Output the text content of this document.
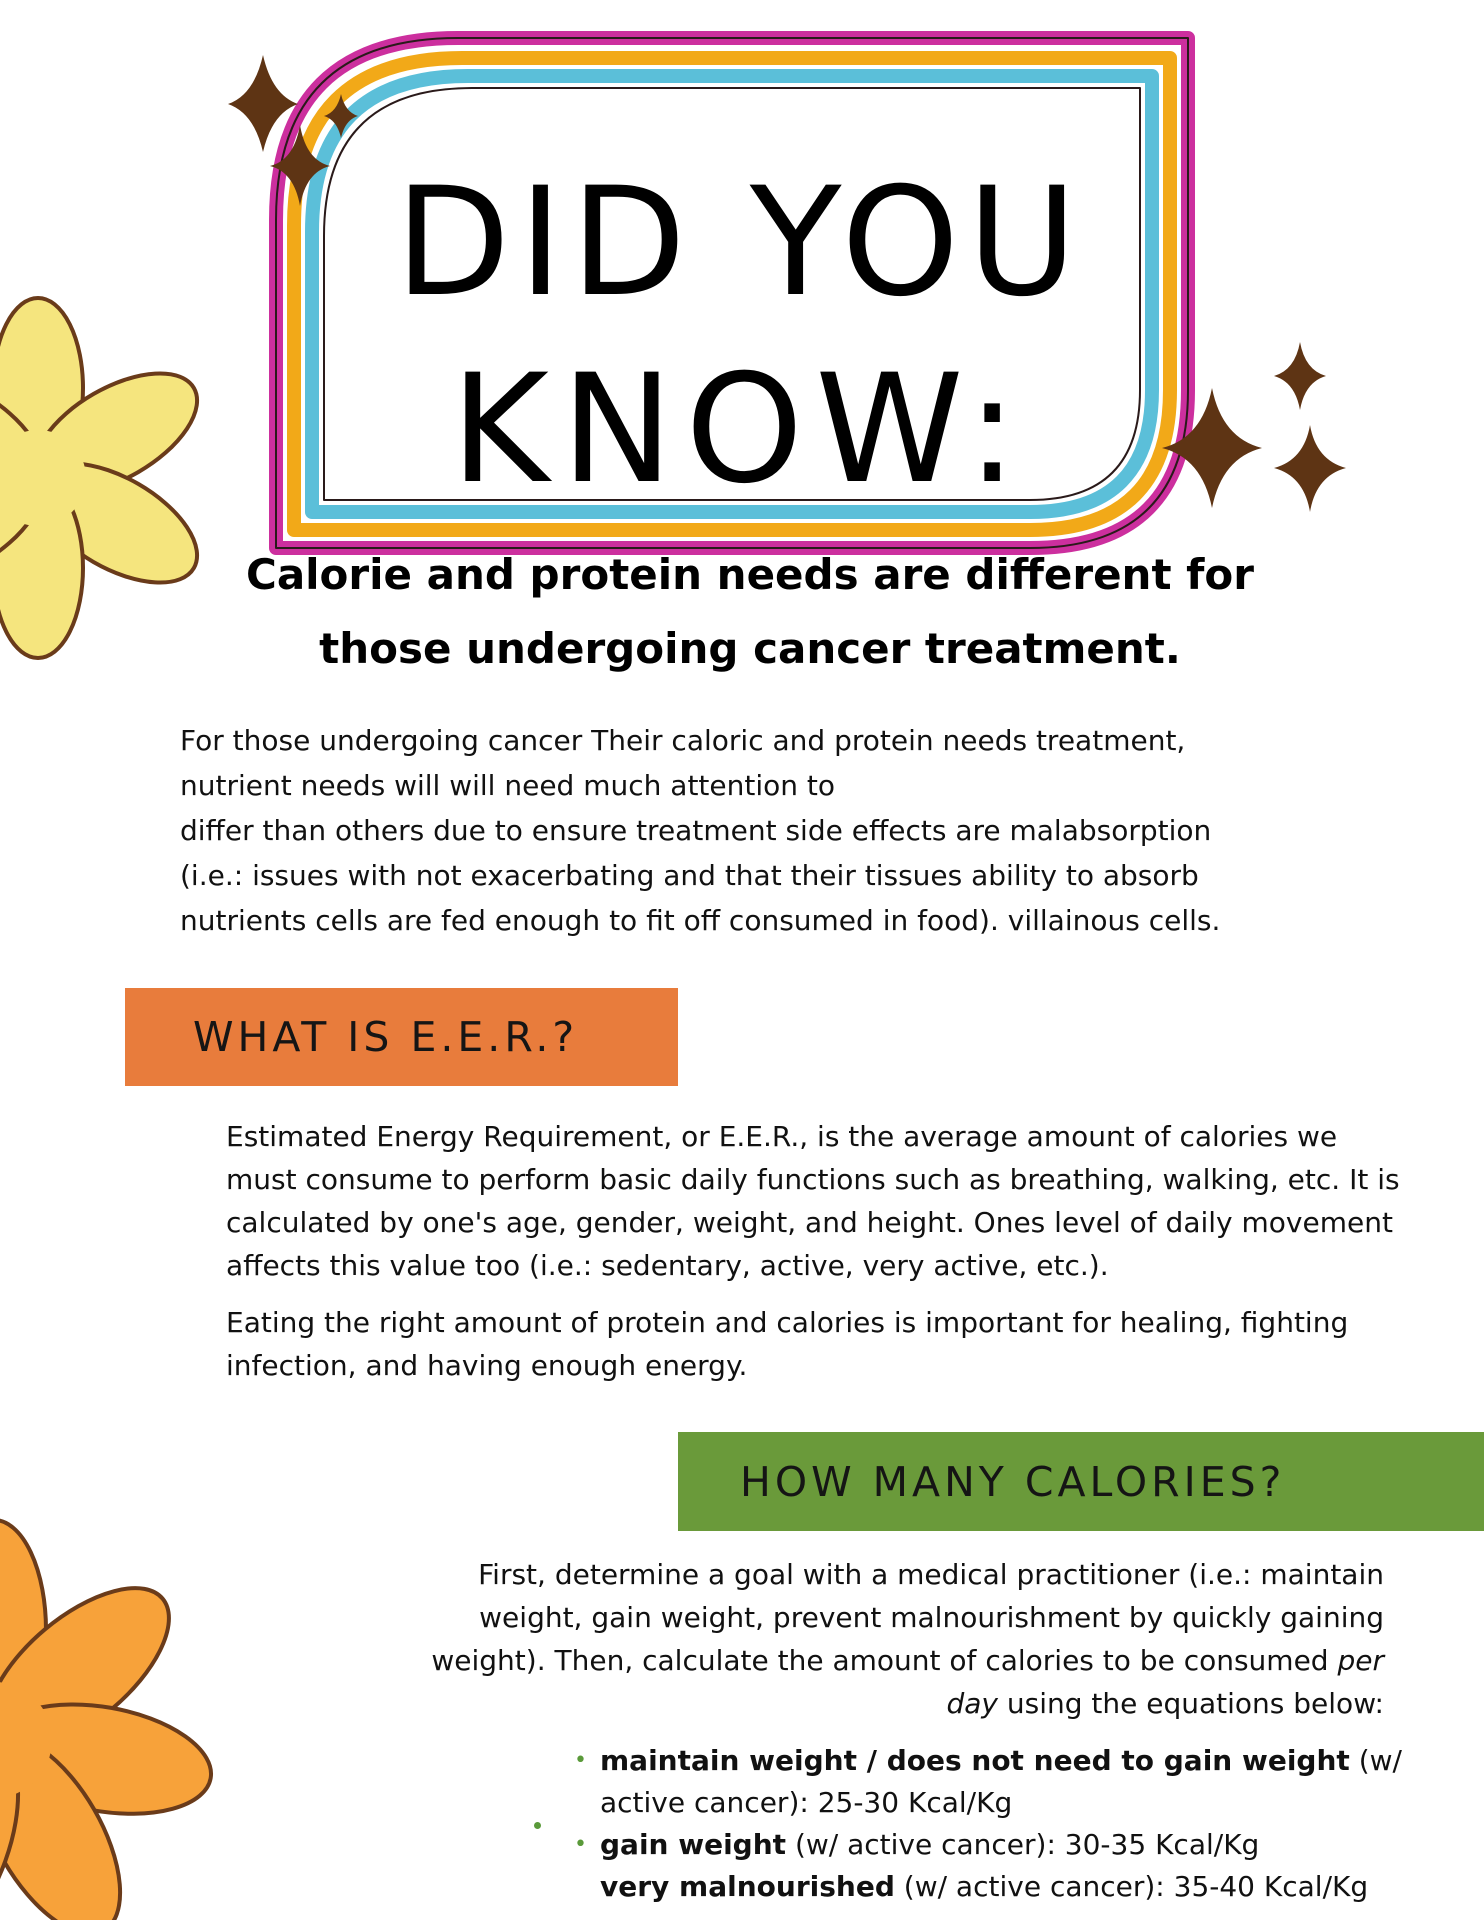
DID YOU
KNOW:
Calorie and protein needs are different for
those undergoing cancer treatment.
For those undergoing cancer Their caloric and protein needs treatment,
nutrient needs will will need much attention to
differ than others due to ensure treatment side effects are malabsorption
(i.e.: issues with not exacerbating and that their tissues ability to absorb
nutrients cells are fed enough to fit off consumed in food). villainous cells.
WHAT IS E.E.R.?

Estimated Energy Requirement, or E.E.R., is the average amount of calories we must consume to perform basic daily functions such as breathing, walking, etc. It is calculated by one's age, gender, weight, and height. Ones level of daily movement affects this value too (i.e.: sedentary, active, very active, etc.).

Eating the right amount of protein and calories is important for healing, fighting infection, and having enough energy.

HOW MANY CALORIES?
First, determine a goal with a medical practitioner (i.e.: maintain weight, gain weight, prevent malnourishment by quickly gaining weight). Then, calculate the amount of calories to be consumed per day using the equations below:
• maintain weight / does not need to gain weight (w/ active cancer): 25-30 Kcal/Kg
• gain weight (w/ active cancer): 30-35 Kcal/Kg
very malnourished (w/ active cancer): 35-40 Kcal/Kg
